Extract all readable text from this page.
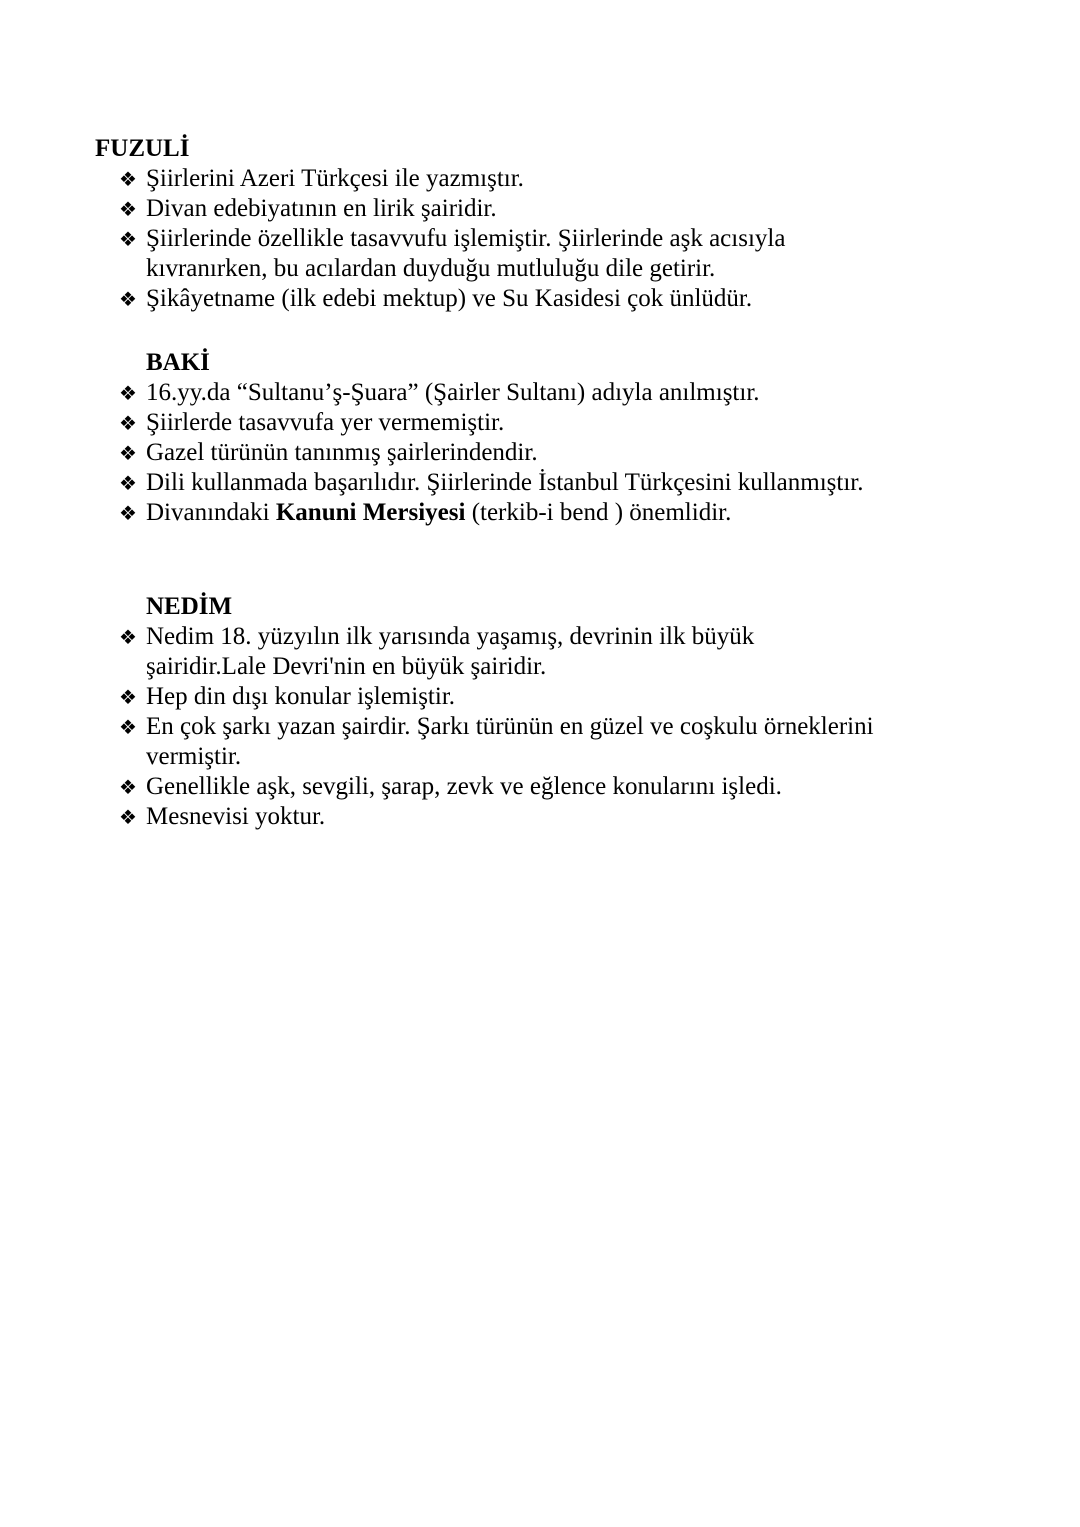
FUZULİ
❖ Şiirlerini Azeri Türkçesi ile yazmıştır.
❖ Divan edebiyatının en lirik şairidir.
❖ Şiirlerinde özellikle tasavvufu işlemiştir. Şiirlerinde aşk acısıyla kıvranırken, bu acılardan duyduğu mutluluğu dile getirir.
❖ Şikâyetname (ilk edebi mektup) ve Su Kasidesi çok ünlüdür.
BAKİ
❖ 16.yy.da “Sultanu’ş-Şuara” (Şairler Sultanı) adıyla anılmıştır.
❖ Şiirlerde tasavvufa yer vermemiştir.
❖ Gazel türünün tanınmış şairlerindendir.
❖ Dili kullanmada başarılıdır. Şiirlerinde İstanbul Türkçesini kullanmıştır.
❖ Divanındaki Kanuni Mersiyesi (terkib-i bend ) önemlidir.
NEDİM
❖ Nedim 18. yüzyılın ilk yarısında yaşamış, devrinin ilk büyük şairidir.Lale Devri'nin en büyük şairidir.
❖ Hep din dışı konular işlemiştir.
❖ En çok şarkı yazan şairdir. Şarkı türünün en güzel ve coşkulu örneklerini vermiştir.
❖ Genellikle aşk, sevgili, şarap, zevk ve eğlence konularını işledi.
❖ Mesnevisi yoktur.
